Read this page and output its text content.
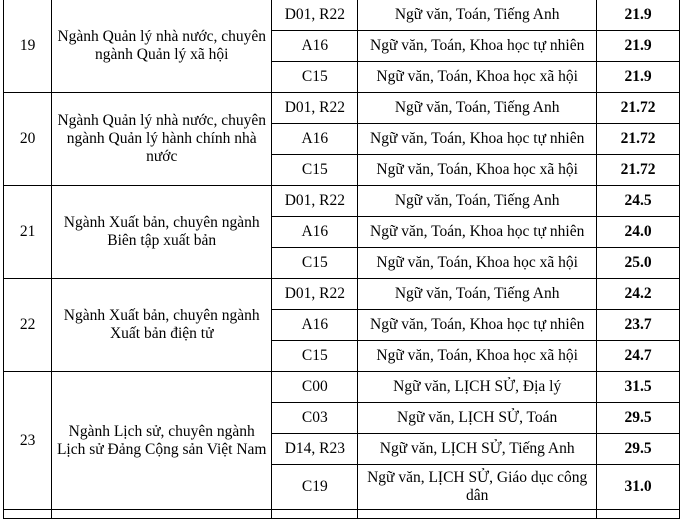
19	Ngành Quản lý nhà nước, chuyên ngành Quản lý xã hội	D01, R22	Ngữ văn, Toán, Tiếng Anh	21.9
		A16	Ngữ văn, Toán, Khoa học tự nhiên	21.9
		C15	Ngữ văn, Toán, Khoa học xã hội	21.9
20	Ngành Quản lý nhà nước, chuyên ngành Quản lý hành chính nhà nước	D01, R22	Ngữ văn, Toán, Tiếng Anh	21.72
		A16	Ngữ văn, Toán, Khoa học tự nhiên	21.72
		C15	Ngữ văn, Toán, Khoa học xã hội	21.72
21	Ngành Xuất bản, chuyên ngành Biên tập xuất bản	D01, R22	Ngữ văn, Toán, Tiếng Anh	24.5
		A16	Ngữ văn, Toán, Khoa học tự nhiên	24.0
		C15	Ngữ văn, Toán, Khoa học xã hội	25.0
22	Ngành Xuất bản, chuyên ngành Xuất bản điện tử	D01, R22	Ngữ văn, Toán, Tiếng Anh	24.2
		A16	Ngữ văn, Toán, Khoa học tự nhiên	23.7
		C15	Ngữ văn, Toán, Khoa học xã hội	24.7
23	Ngành Lịch sử, chuyên ngành Lịch sử Đảng Cộng sản Việt Nam	C00	Ngữ văn, LỊCH SỬ, Địa lý	31.5
		C03	Ngữ văn, LỊCH SỬ, Toán	29.5
		D14, R23	Ngữ văn, LỊCH SỬ, Tiếng Anh	29.5
		C19	Ngữ văn, LỊCH SỬ, Giáo dục công dân	31.0
